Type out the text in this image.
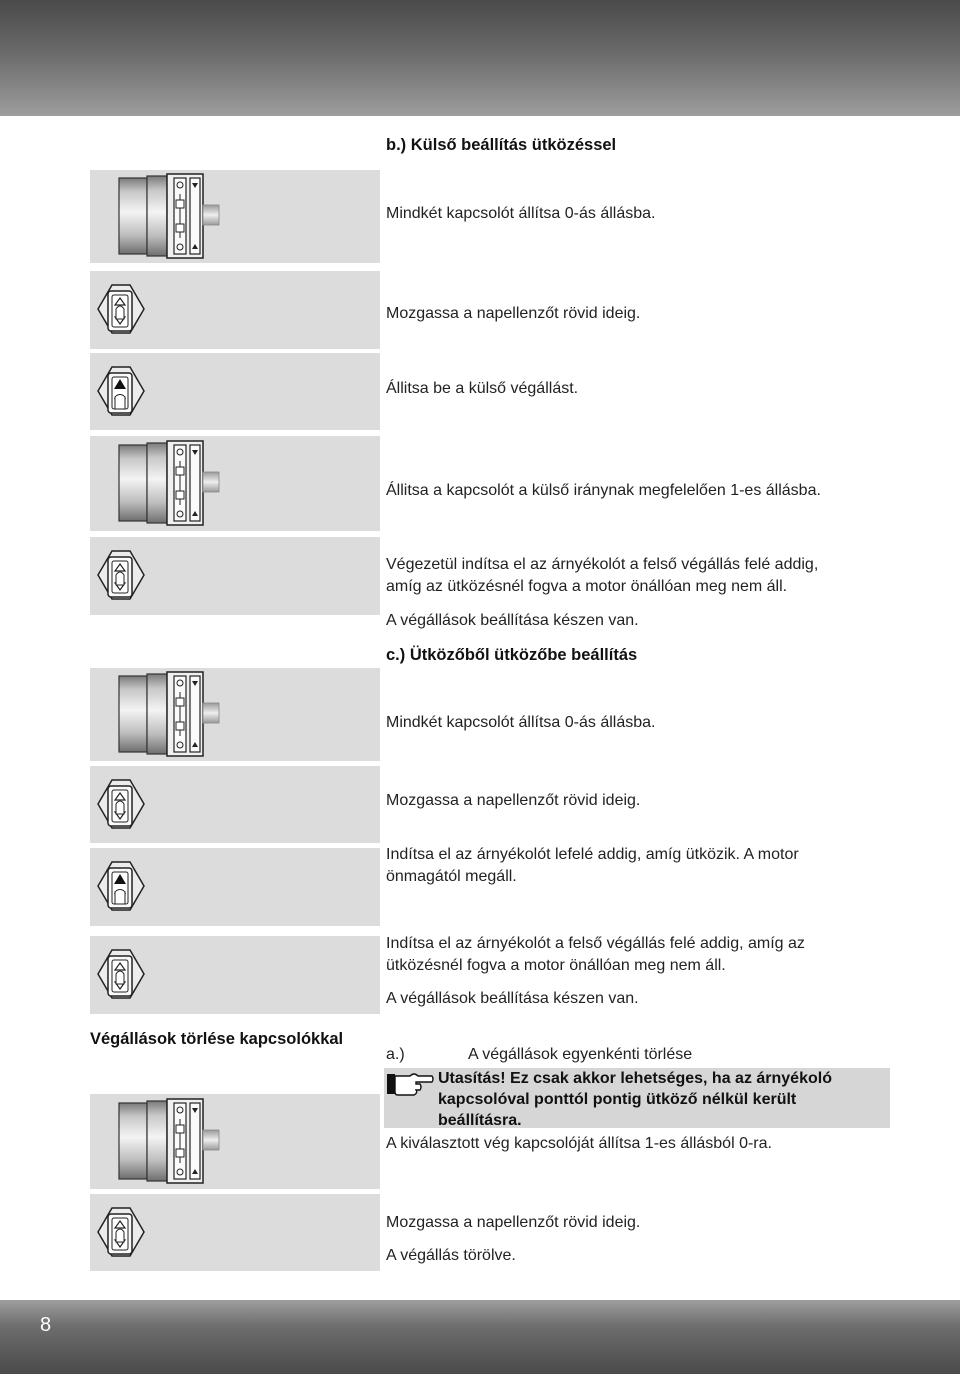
b.) Külső beállítás ütközéssel
Mindkét kapcsolót állítsa 0-ás állásba.
Mozgassa a napellenzőt rövid ideig.
Állitsa be a külső végállást.
Állitsa a kapcsolót a külső iránynak megfelelően 1-es állásba.
Végezetül indítsa el az árnyékolót a felső végállás felé addig,
amíg az ütközésnél fogva a motor önállóan meg nem áll.
A végállások beállítása készen van.
c.) Ütközőből ütközőbe beállítás
Mindkét kapcsolót állítsa 0-ás állásba.
Mozgassa a napellenzőt rövid ideig.
Indítsa el az árnyékolót lefelé addig, amíg ütközik. A motor
önmagától megáll.
Indítsa el az árnyékolót a felső végállás felé addig, amíg az
ütközésnél fogva a motor önállóan meg nem áll.
A végállások beállítása készen van.
Végállások törlése kapcsolókkal
a.)	A végállások egyenkénti törlése
Utasítás! Ez csak akkor lehetséges, ha az árnyékoló
kapcsolóval ponttól pontig ütköző nélkül került
beállításra.
A kiválasztott vég kapcsolóját állítsa 1-es állásból 0-ra.
Mozgassa a napellenzőt rövid ideig.
A végállás törölve.
8
